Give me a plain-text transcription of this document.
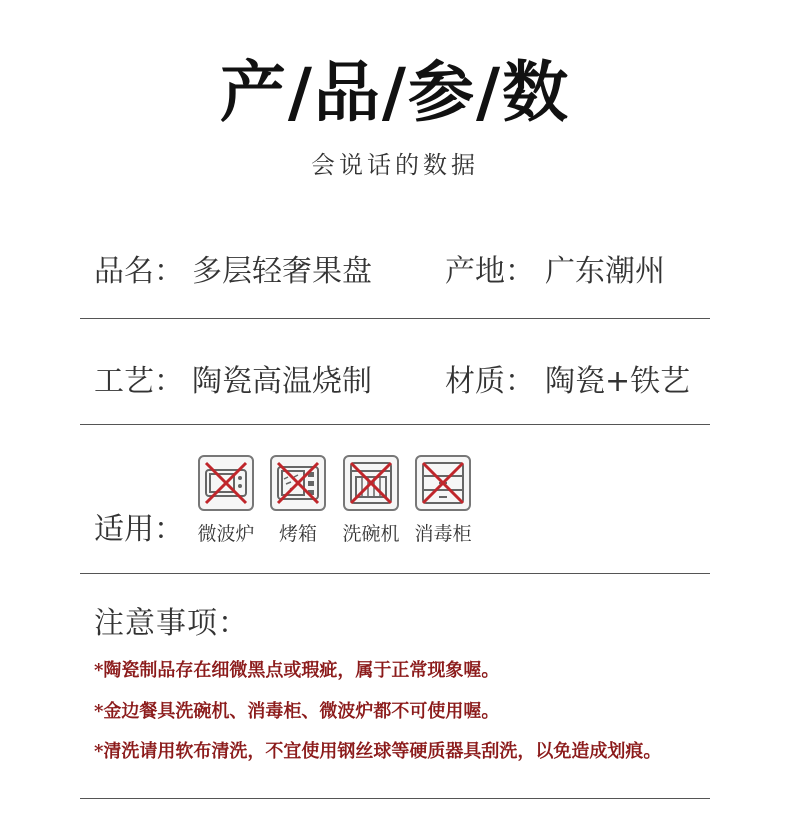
产/品/参/数
会说话的数据
品名： 多层轻奢果盘 产地： 广东潮州
工艺： 陶瓷高温烧制 材质： 陶瓷+铁艺
适用： 微波炉	烤箱	洗碗机 消毒柜
注意事项：
*陶瓷制品存在细微黑点或瑕疵，属于正常现象喔。
*金边餐具洗碗机、消毒柜、微波炉都不可使用喔。
*清洗请用软布清洗，不宜使用钢丝球等硬质器具刮洗，以免造成划痕。
